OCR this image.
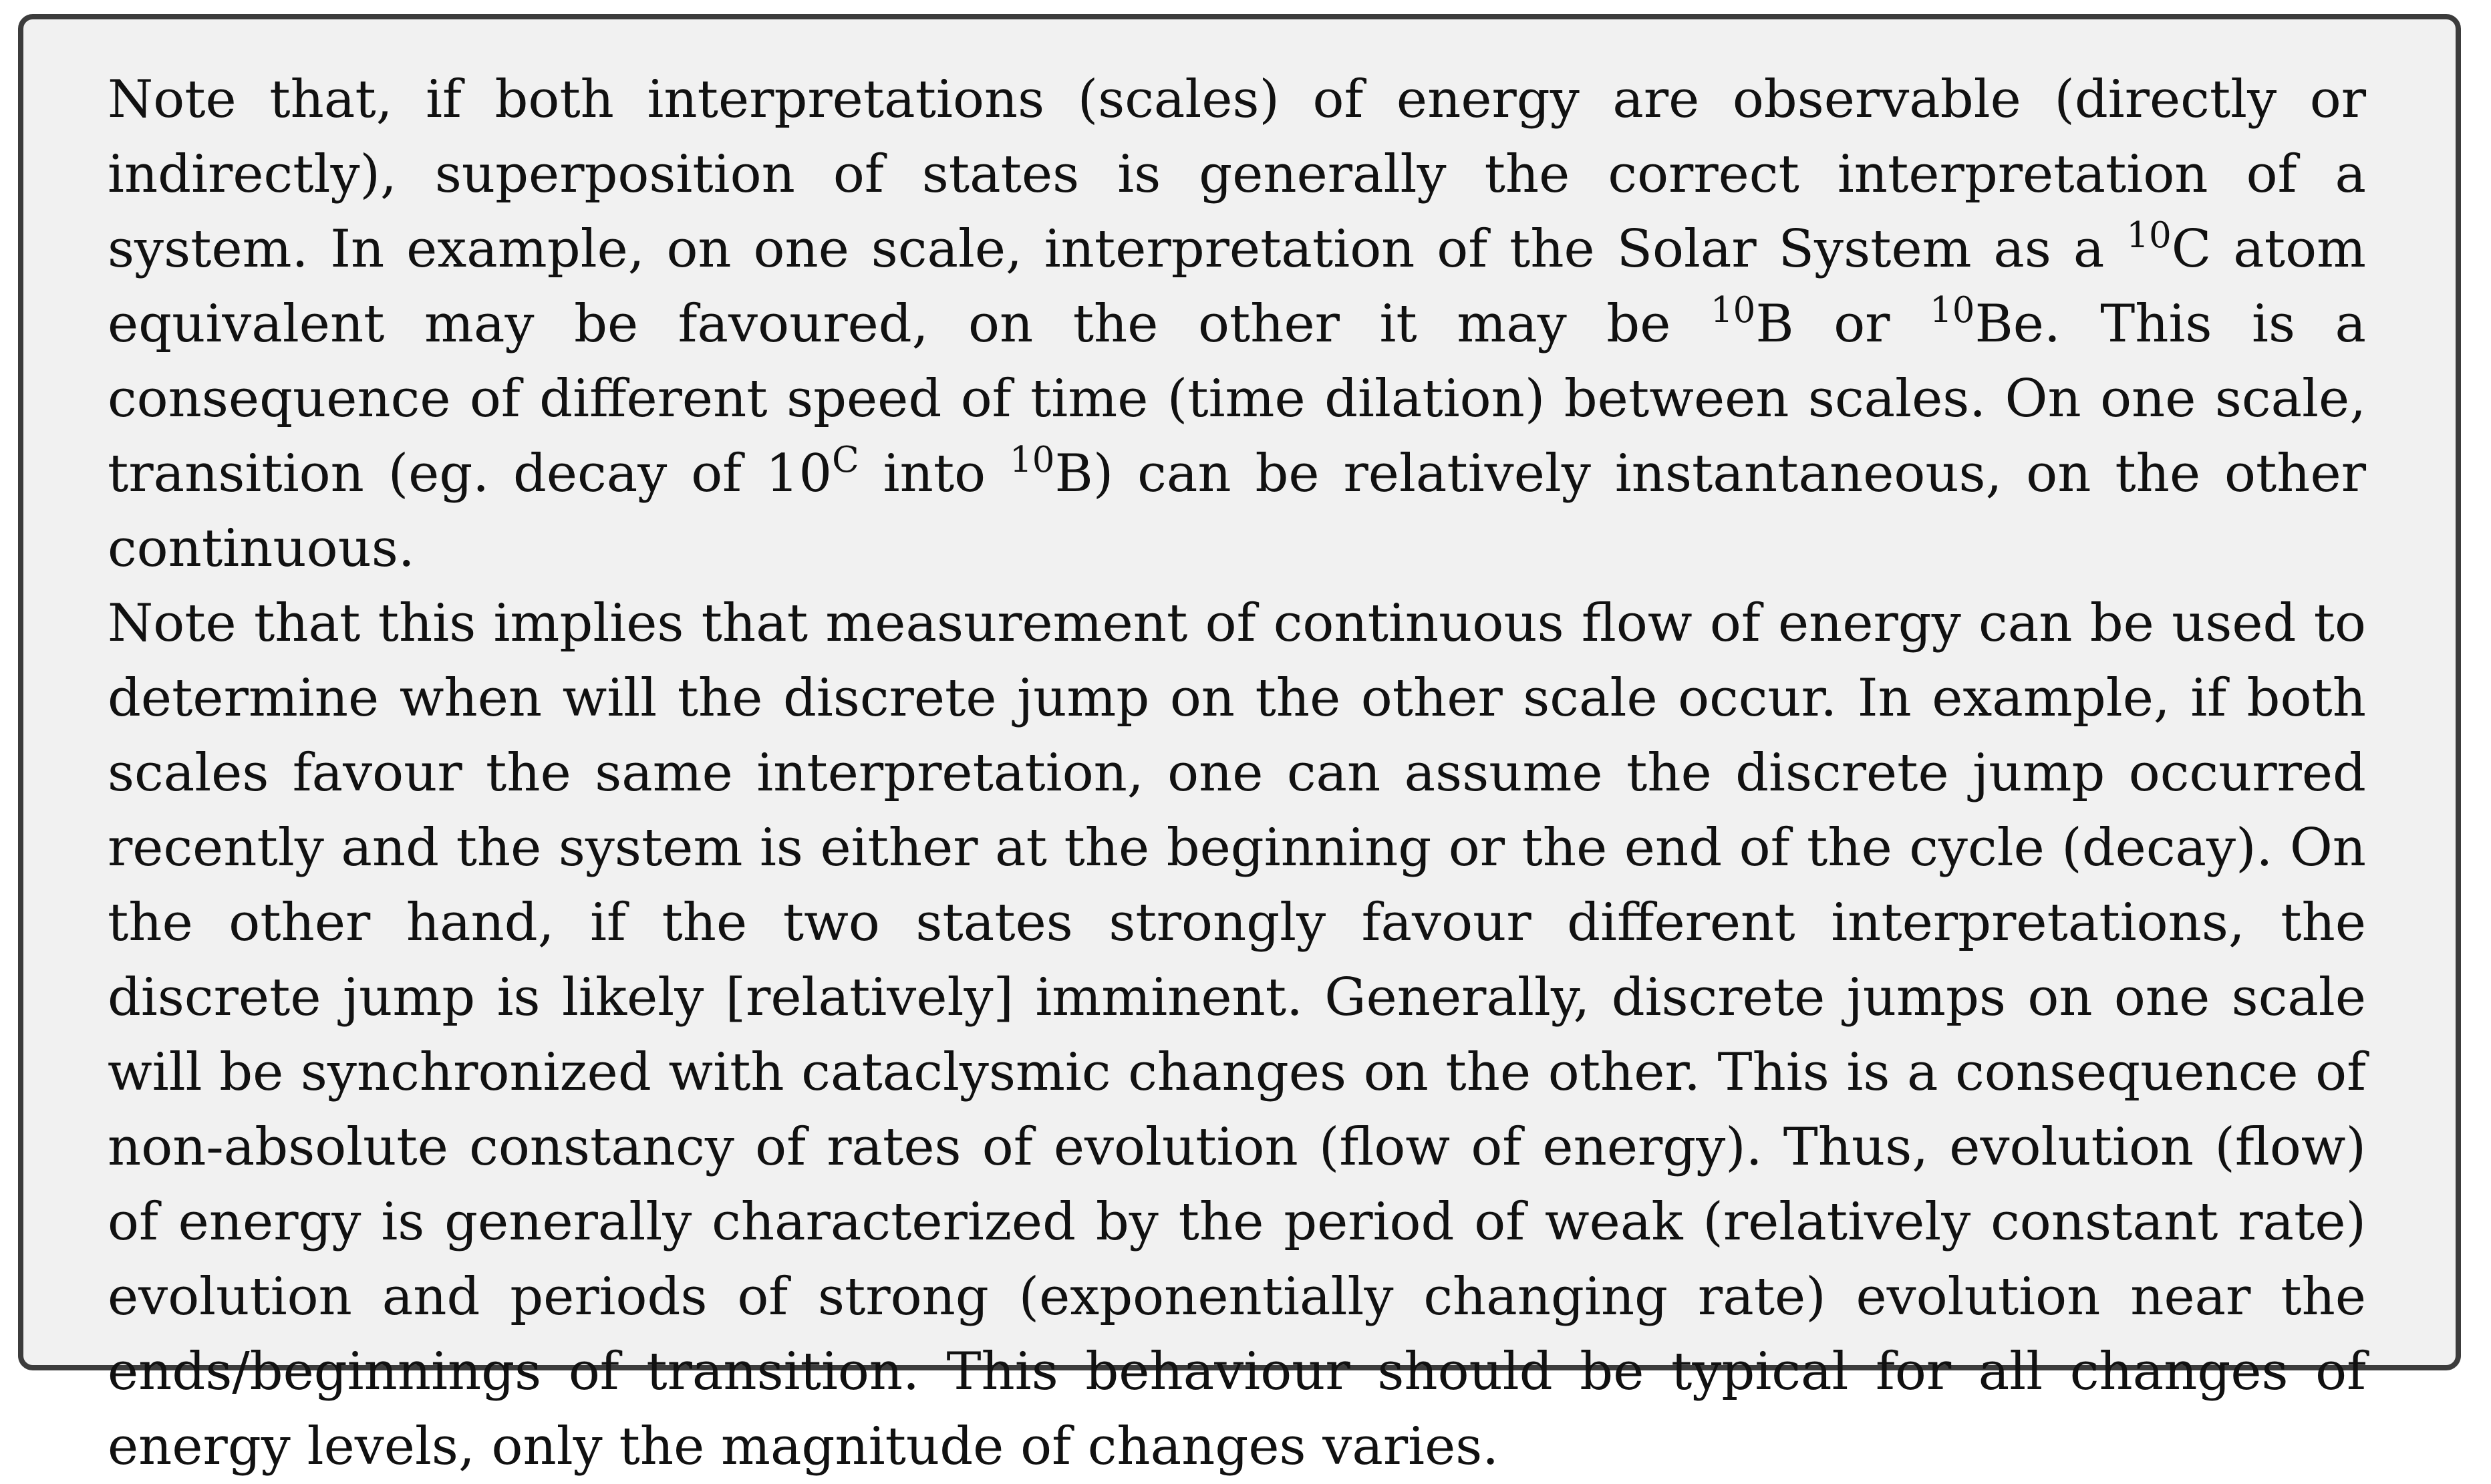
Note that, if both interpretations (scales) of energy are observable (directly or indirectly), superposition of states is generally the correct interpretation of a system. In example, on one scale, interpretation of the Solar System as a $^{10}$C atom equivalent may be favoured, on the other it may be $^{10}$B or $^{10}$Be. This is a consequence of different speed of time (time dilation) between scales. On one scale, transition (eg. decay of $10^C$ into $^{10}$B) can be relatively instantaneous, on the other continuous.

Note that this implies that measurement of continuous flow of energy can be used to determine when will the discrete jump on the other scale occur. In example, if both scales favour the same interpretation, one can assume the discrete jump occurred recently and the system is either at the beginning or the end of the cycle (decay). On the other hand, if the two states strongly favour different interpretations, the discrete jump is likely [relatively] imminent. Generally, discrete jumps on one scale will be synchronized with cataclysmic changes on the other. This is a consequence of non-absolute constancy of rates of evolution (flow of energy). Thus, evolution (flow) of energy is generally characterized by the period of weak (relatively constant rate) evolution and periods of strong (exponentially changing rate) evolution near the ends/beginnings of transition. This behaviour should be typical for all changes of energy levels, only the magnitude of changes varies.
